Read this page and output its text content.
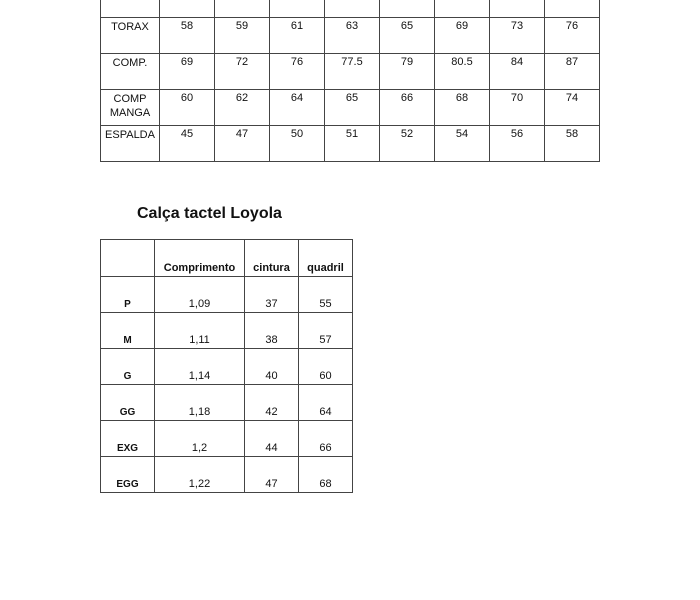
TORAX	58	59	61	63	65	69	73	76
COMP.	69	72	76	77.5	79	80.5	84	87
COMP MANGA	60	62	64	65	66	68	70	74
ESPALDA	45	47	50	51	52	54	56	58
Calça tactel Loyola
	Comprimento	cintura	quadril
P	1,09	37	55
M	1,11	38	57
G	1,14	40	60
GG	1,18	42	64
EXG	1,2	44	66
EGG	1,22	47	68
